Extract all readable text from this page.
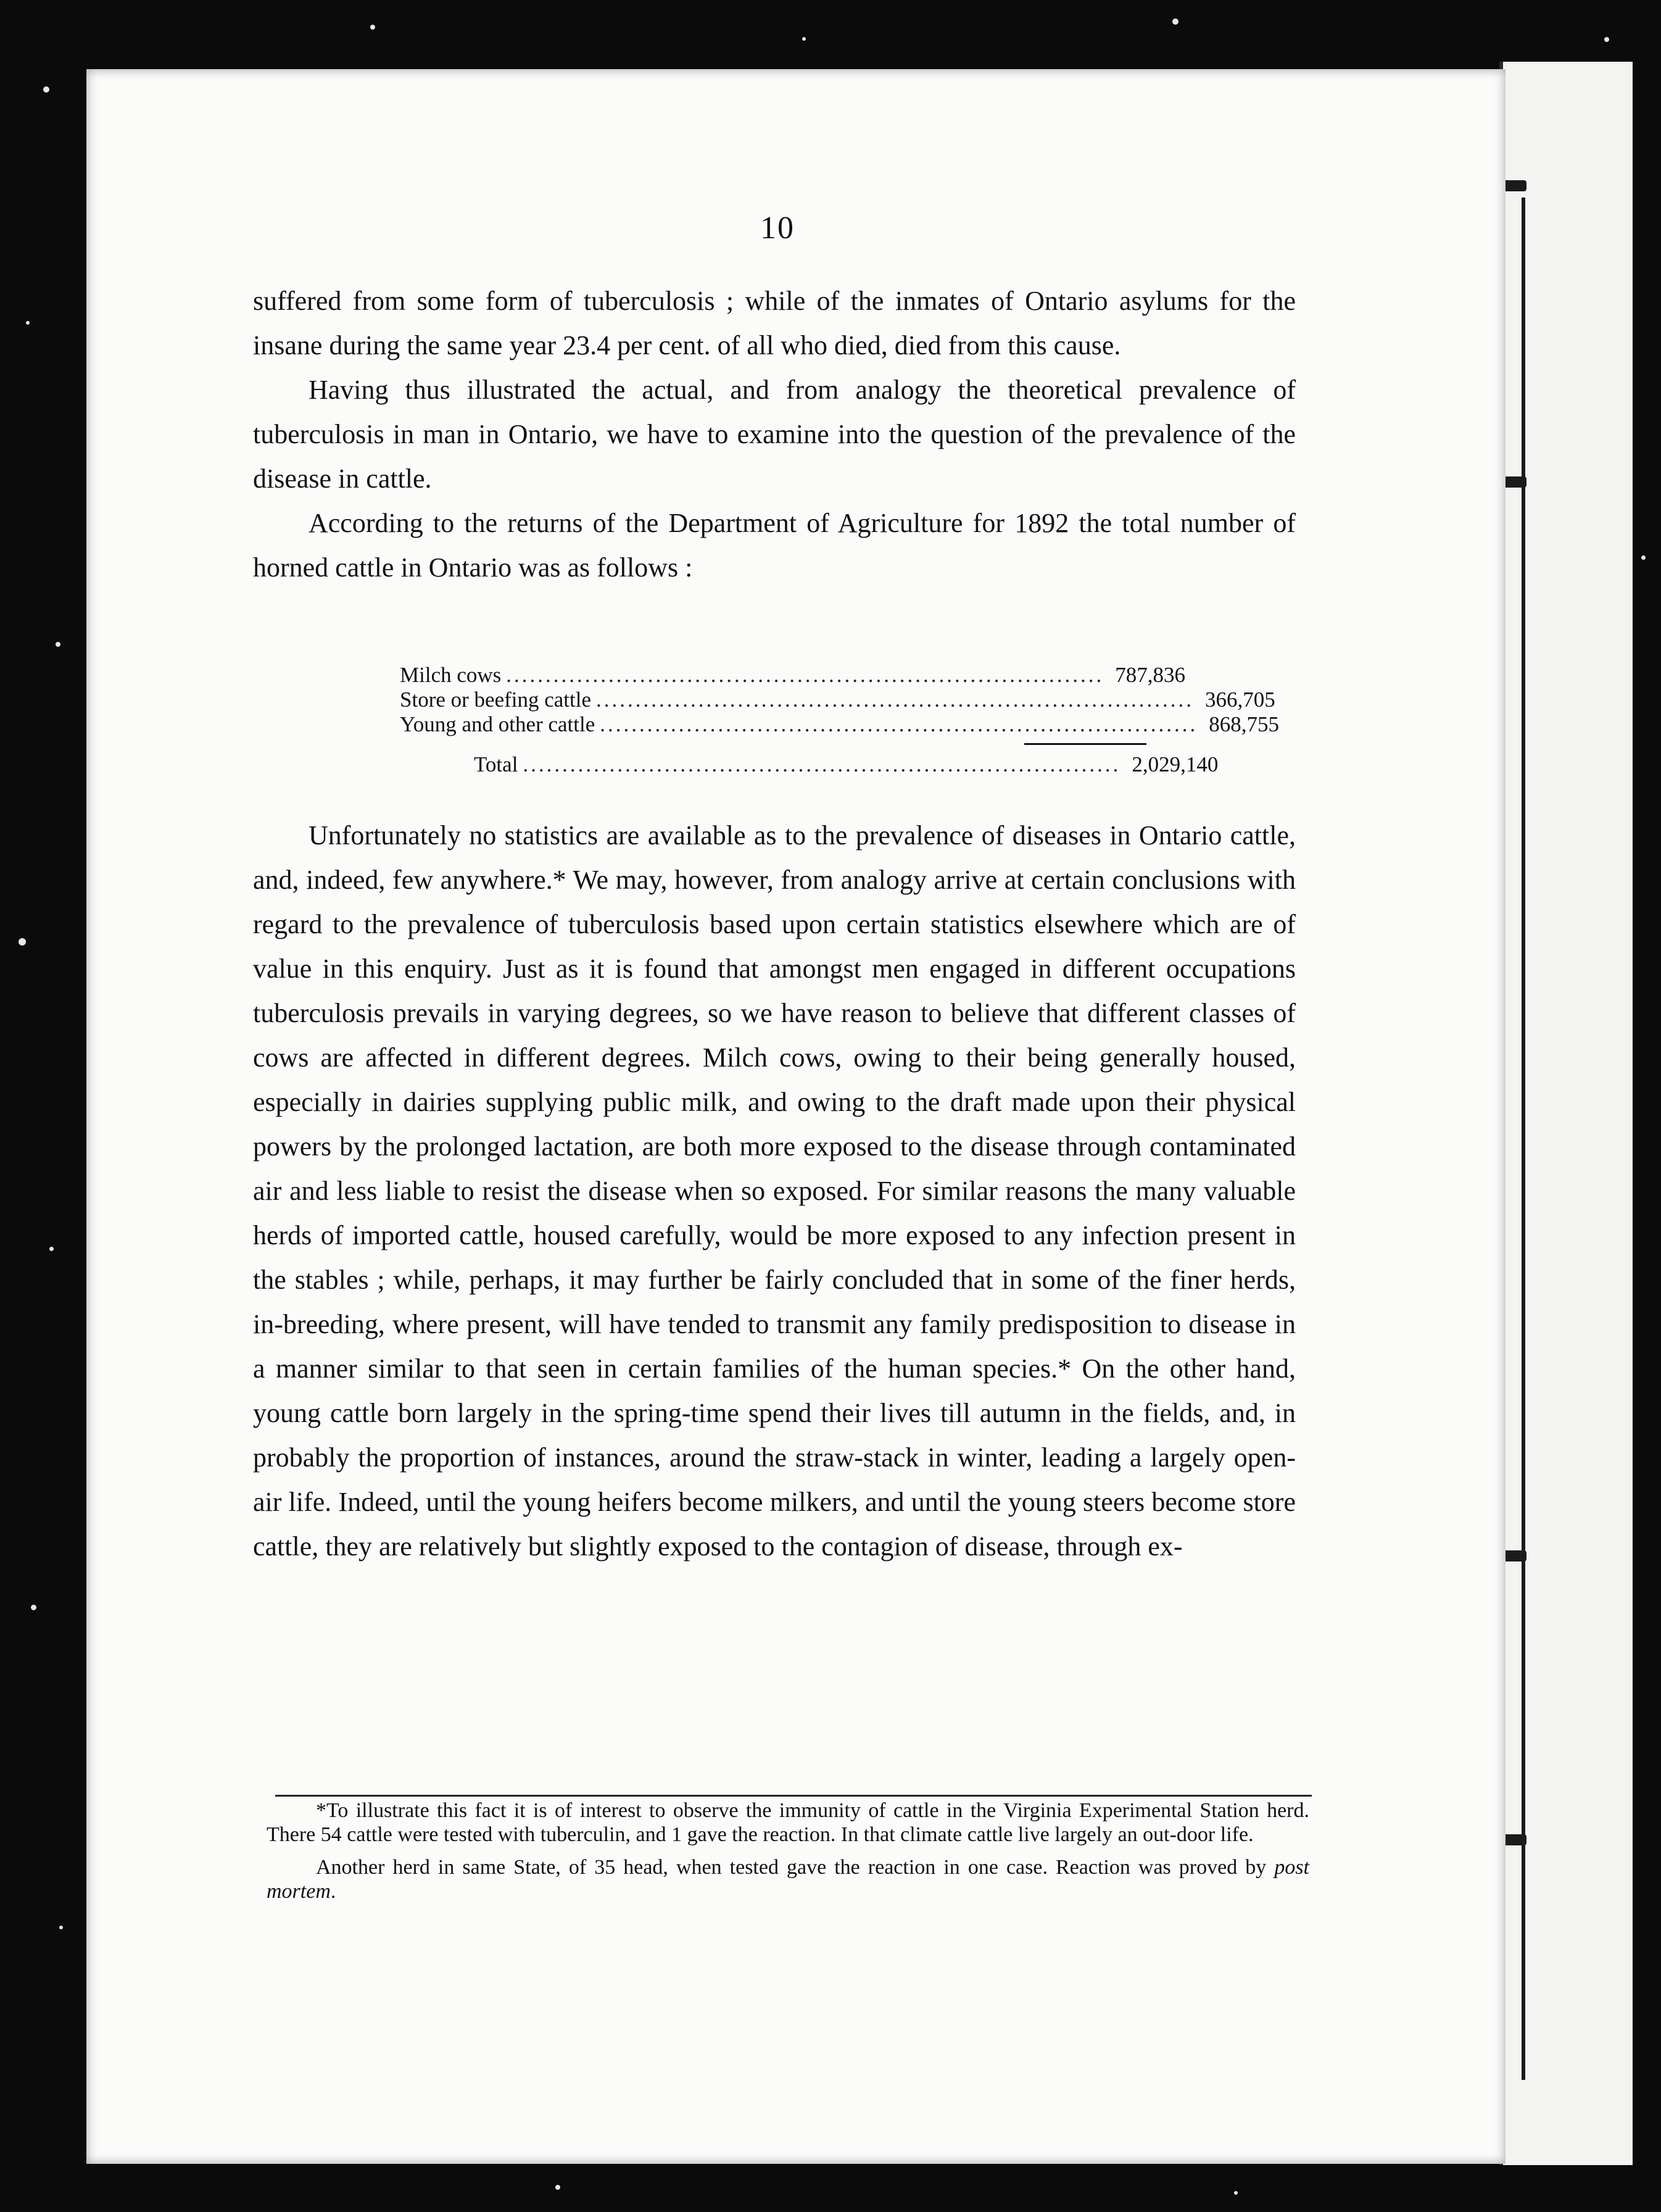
10

suffered from some form of tuberculosis ; while of the inmates of Ontario asylums for the insane during the same year 23.4 per cent. of all who died, died from this cause.

Having thus illustrated the actual, and from analogy the theoretical prevalence of tuberculosis in man in Ontario, we have to examine into the question of the prevalence of the disease in cattle.

According to the returns of the Department of Agriculture for 1892 the total number of horned cattle in Ontario was as follows :

Milch cows ............................................................................ 787,836
Store or beefing cattle ............................................................................ 366,705
Young and other cattle ............................................................................ 868,755
Total ............................................................................ 2,029,140

Unfortunately no statistics are available as to the prevalence of diseases in Ontario cattle, and, indeed, few anywhere.* We may, however, from analogy arrive at certain conclusions with regard to the prevalence of tuberculosis based upon certain statistics elsewhere which are of value in this enquiry. Just as it is found that amongst men engaged in different occupations tuberculosis prevails in varying degrees, so we have reason to believe that different classes of cows are affected in different degrees. Milch cows, owing to their being generally housed, especially in dairies supplying public milk, and owing to the draft made upon their physical powers by the prolonged lactation, are both more exposed to the disease through contaminated air and less liable to resist the disease when so exposed. For similar reasons the many valuable herds of imported cattle, housed carefully, would be more exposed to any infection present in the stables ; while, perhaps, it may further be fairly concluded that in some of the finer herds, in-breeding, where present, will have tended to transmit any family predisposition to disease in a manner similar to that seen in certain families of the human species.* On the other hand, young cattle born largely in the spring-time spend their lives till autumn in the fields, and, in probably the proportion of instances, around the straw-stack in winter, leading a largely open-air life. Indeed, until the young heifers become milkers, and until the young steers become store cattle, they are relatively but slightly exposed to the contagion of disease, through ex-

*To illustrate this fact it is of interest to observe the immunity of cattle in the Virginia Experimental Station herd. There 54 cattle were tested with tuberculin, and 1 gave the reaction. In that climate cattle live largely an out-door life.

Another herd in same State, of 35 head, when tested gave the reaction in one case. Reaction was proved by post mortem.
